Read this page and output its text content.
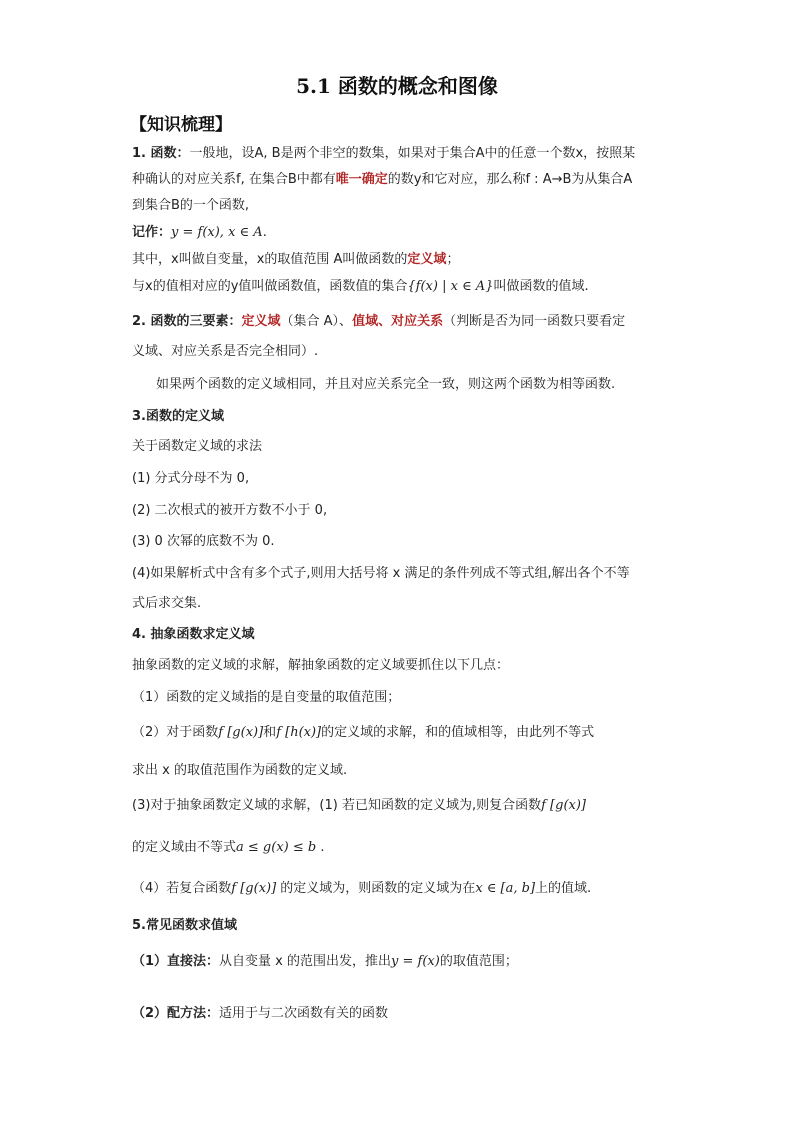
5.1 函数的概念和图像
【知识梳理】
1. 函数：一般地，设A, B是两个非空的数集，如果对于集合A中的任意一个数x，按照某
种确认的对应关系f, 在集合B中都有唯一确定的数y和它对应，那么称f : A→B为从集合A
到集合B的一个函数,
记作：y = f(x), x ∈ A.
其中，x叫做自变量，x的取值范围 A叫做函数的定义域；
与x的值相对应的y值叫做函数值，函数值的集合{f(x) | x ∈ A}叫做函数的值域.
2. 函数的三要素：定义域（集合 A）、值域、对应关系（判断是否为同一函数只要看定
义域、对应关系是否完全相同）.
如果两个函数的定义域相同，并且对应关系完全一致，则这两个函数为相等函数.
3.函数的定义域
关于函数定义域的求法
(1) 分式分母不为 0,
(2) 二次根式的被开方数不小于 0,
(3) 0 次幂的底数不为 0.
(4)如果解析式中含有多个式子,则用大括号将 x 满足的条件列成不等式组,解出各个不等
式后求交集.
4. 抽象函数求定义域
抽象函数的定义域的求解，解抽象函数的定义域要抓住以下几点：
（1）函数的定义域指的是自变量的取值范围；
（2）对于函数f [g(x)]和f [h(x)]的定义域的求解，和的值域相等，由此列不等式
求出 x 的取值范围作为函数的定义域.
(3)对于抽象函数定义域的求解，(1) 若已知函数的定义域为,则复合函数f [g(x)]
的定义域由不等式a ≤ g(x) ≤ b .
（4）若复合函数f [g(x)] 的定义域为，则函数的定义域为在x ∈ [a, b]上的值域.
5.常见函数求值域
（1）直接法：从自变量 x 的范围出发，推出y = f(x)的取值范围；
（2）配方法：适用于与二次函数有关的函数
